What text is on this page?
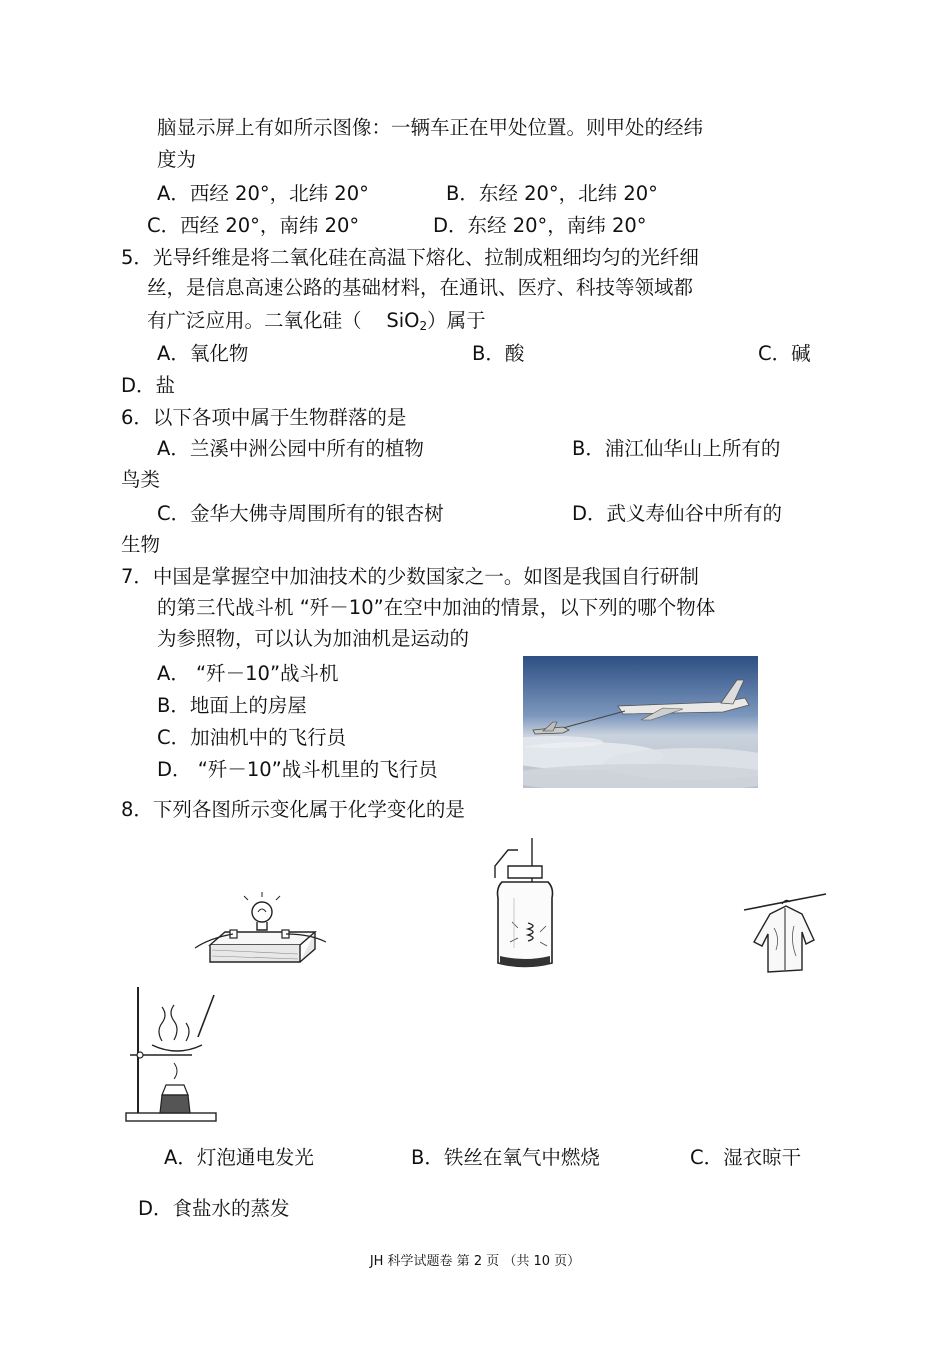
脑显示屏上有如所示图像：一辆车正在甲处位置。则甲处的经纬
度为
A．西经 20°，北纬 20°	B．东经 20°，北纬 20°
C．西经 20°，南纬 20°	D．东经 20°，南纬 20°
5．光导纤维是将二氧化硅在高温下熔化、拉制成粗细均匀的光纤细
丝，是信息高速公路的基础材料，在通讯、医疗、科技等领域都
有广泛应用。二氧化硅（ SiO$_2$）属于
A．氧化物	B．酸	C．碱
D．盐
6．以下各项中属于生物群落的是
A．兰溪中洲公园中所有的植物	B．浦江仙华山上所有的
鸟类
C．金华大佛寺周围所有的银杏树	D．武义寿仙谷中所有的
生物
7．中国是掌握空中加油技术的少数国家之一。如图是我国自行研制
的第三代战斗机 “歼－10”在空中加油的情景，以下列的哪个物体
为参照物，可以认为加油机是运动的
A． “歼－10”战斗机
B．地面上的房屋
C．加油机中的飞行员
D． “歼－10”战斗机里的飞行员
8．下列各图所示变化属于化学变化的是
A．灯泡通电发光	B．铁丝在氧气中燃烧	C．湿衣晾干
D．食盐水的蒸发
JH 科学试题卷 第 2 页 （共 10 页）
